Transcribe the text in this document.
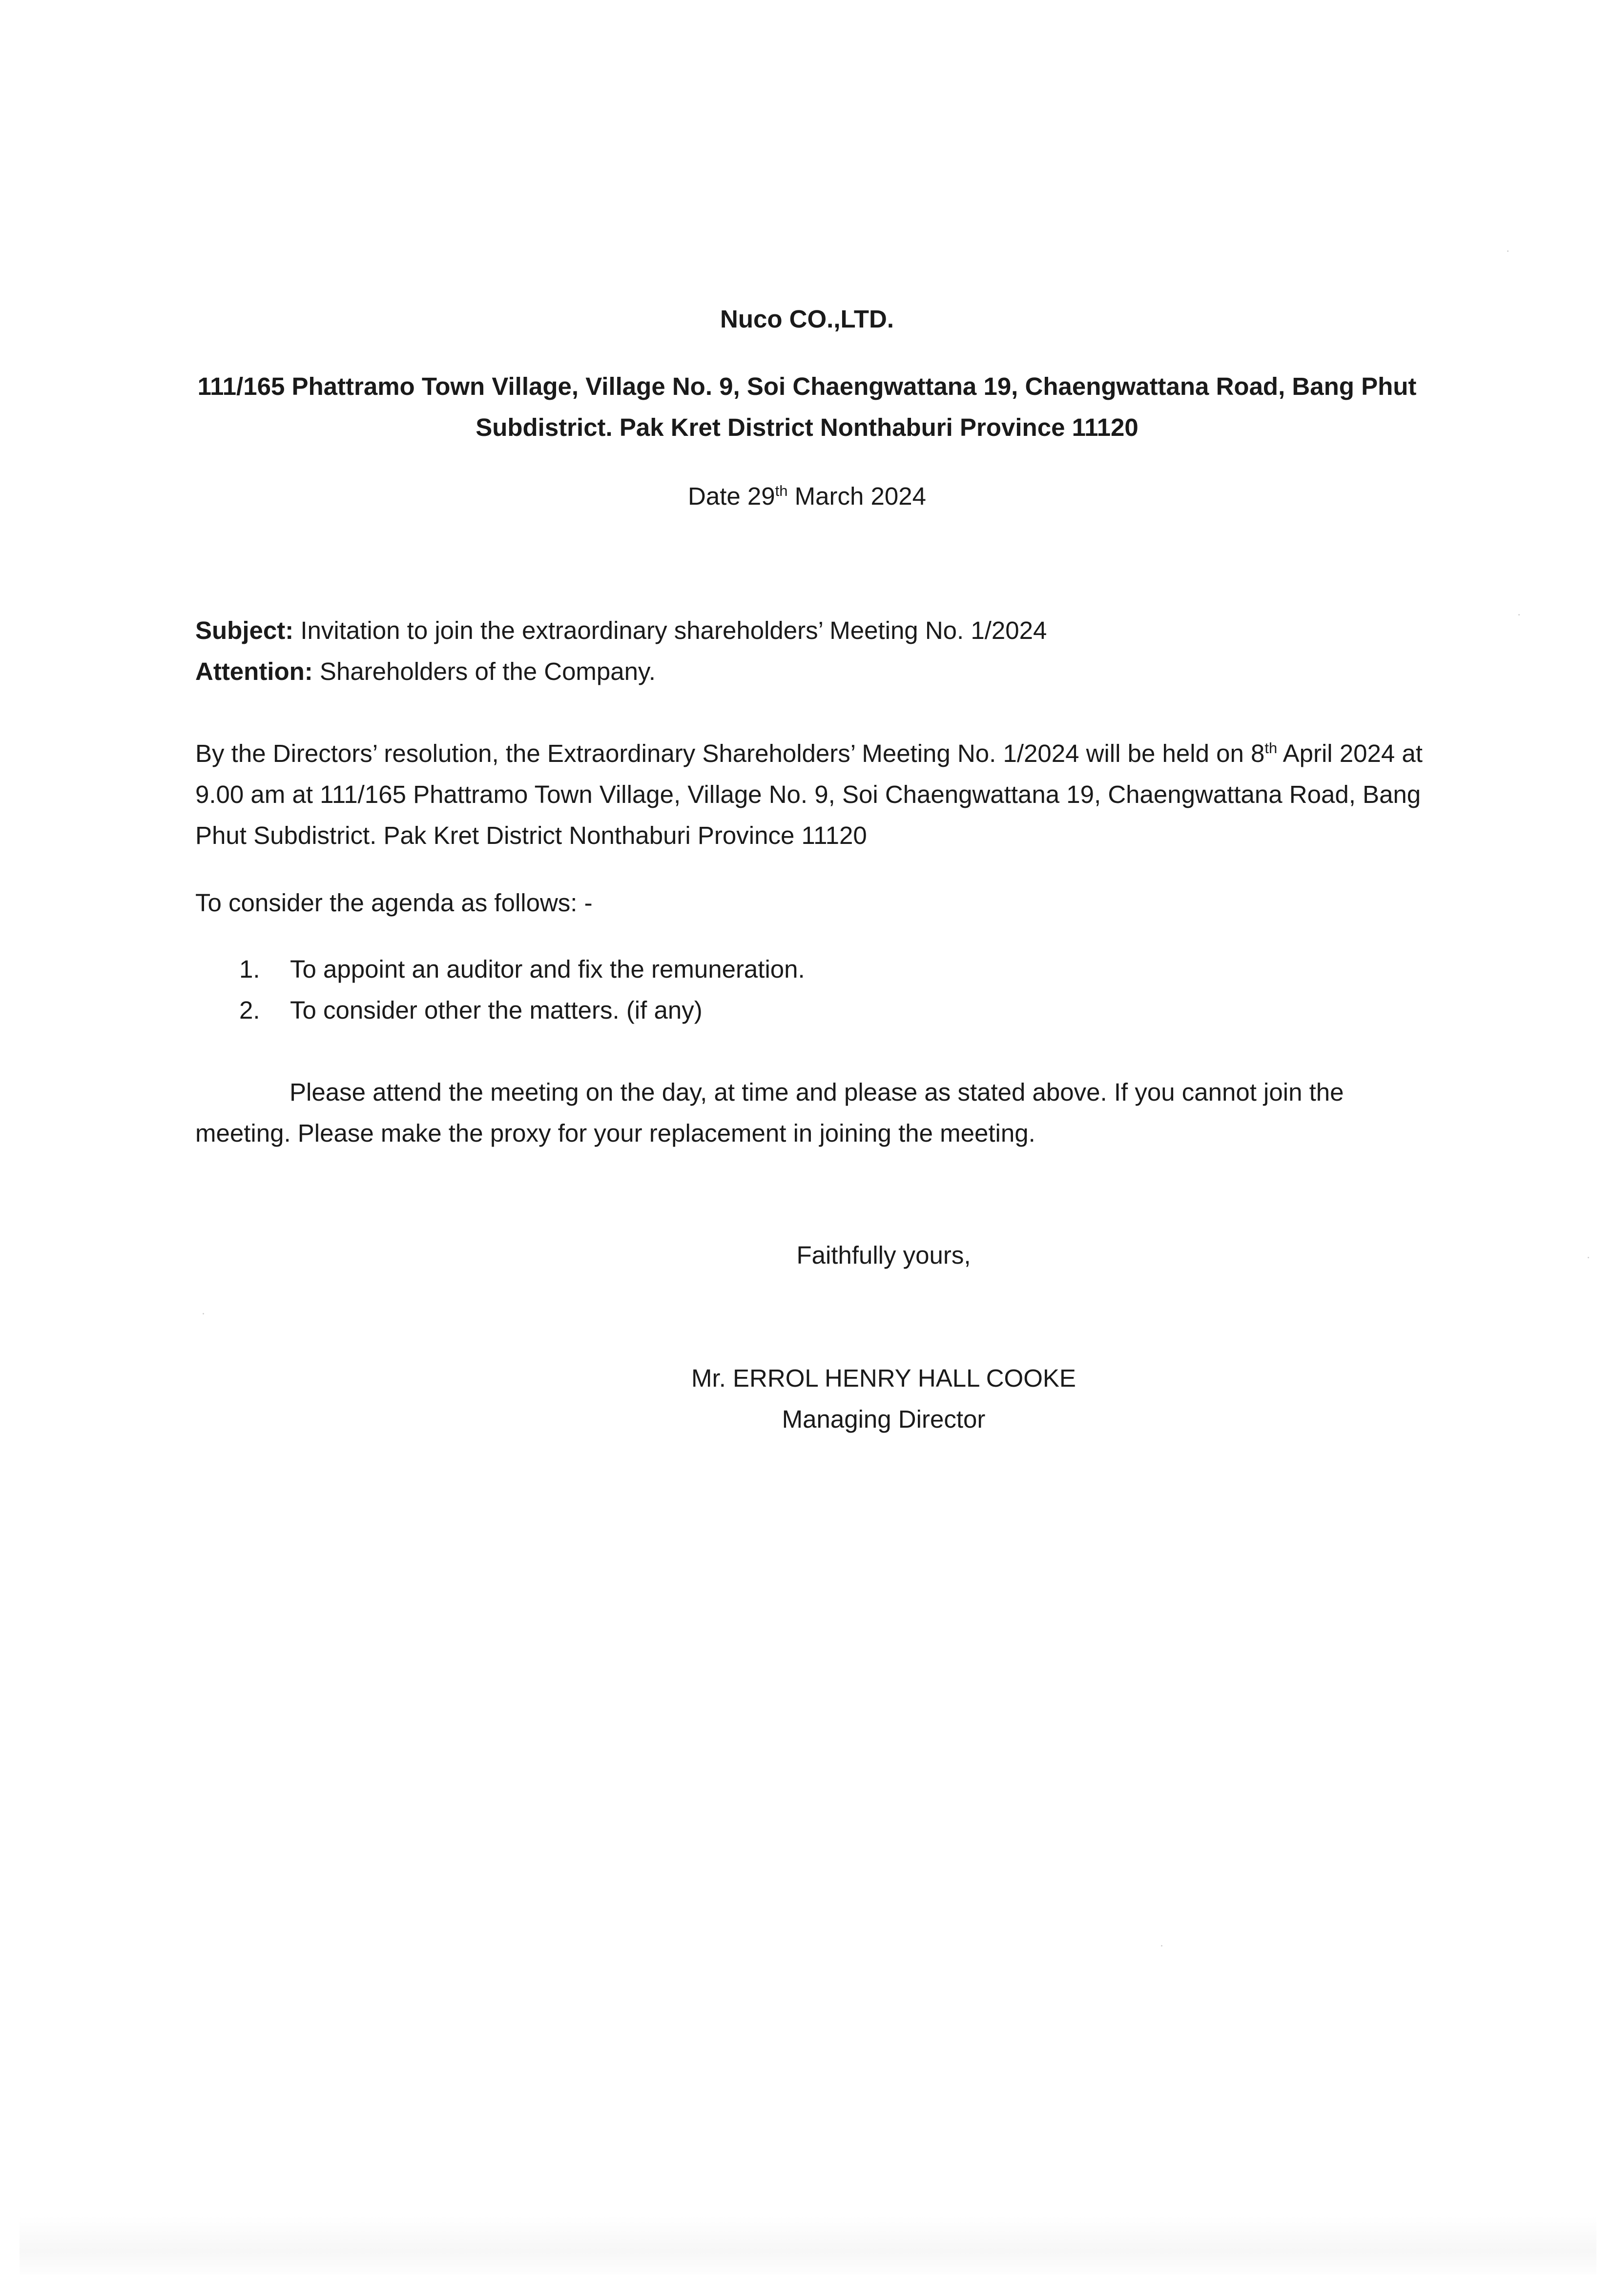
Nuco CO.,LTD.
111/165 Phattramo Town Village, Village No. 9, Soi Chaengwattana 19, Chaengwattana Road, Bang Phut
Subdistrict. Pak Kret District Nonthaburi Province 11120
Date 29th March 2024
Subject: Invitation to join the extraordinary shareholders’ Meeting No. 1/2024
Attention: Shareholders of the Company.
By the Directors’ resolution, the Extraordinary Shareholders’ Meeting No. 1/2024 will be held on 8th April 2024 at 9.00 am at 111/165 Phattramo Town Village, Village No. 9, Soi Chaengwattana 19, Chaengwattana Road, Bang Phut Subdistrict. Pak Kret District Nonthaburi Province 11120
To consider the agenda as follows: -
1.	To appoint an auditor and fix the remuneration.
2.	To consider other the matters. (if any)
Please attend the meeting on the day, at time and please as stated above. If you cannot join the meeting. Please make the proxy for your replacement in joining the meeting.
Faithfully yours,
Mr. ERROL HENRY HALL COOKE
Managing Director
